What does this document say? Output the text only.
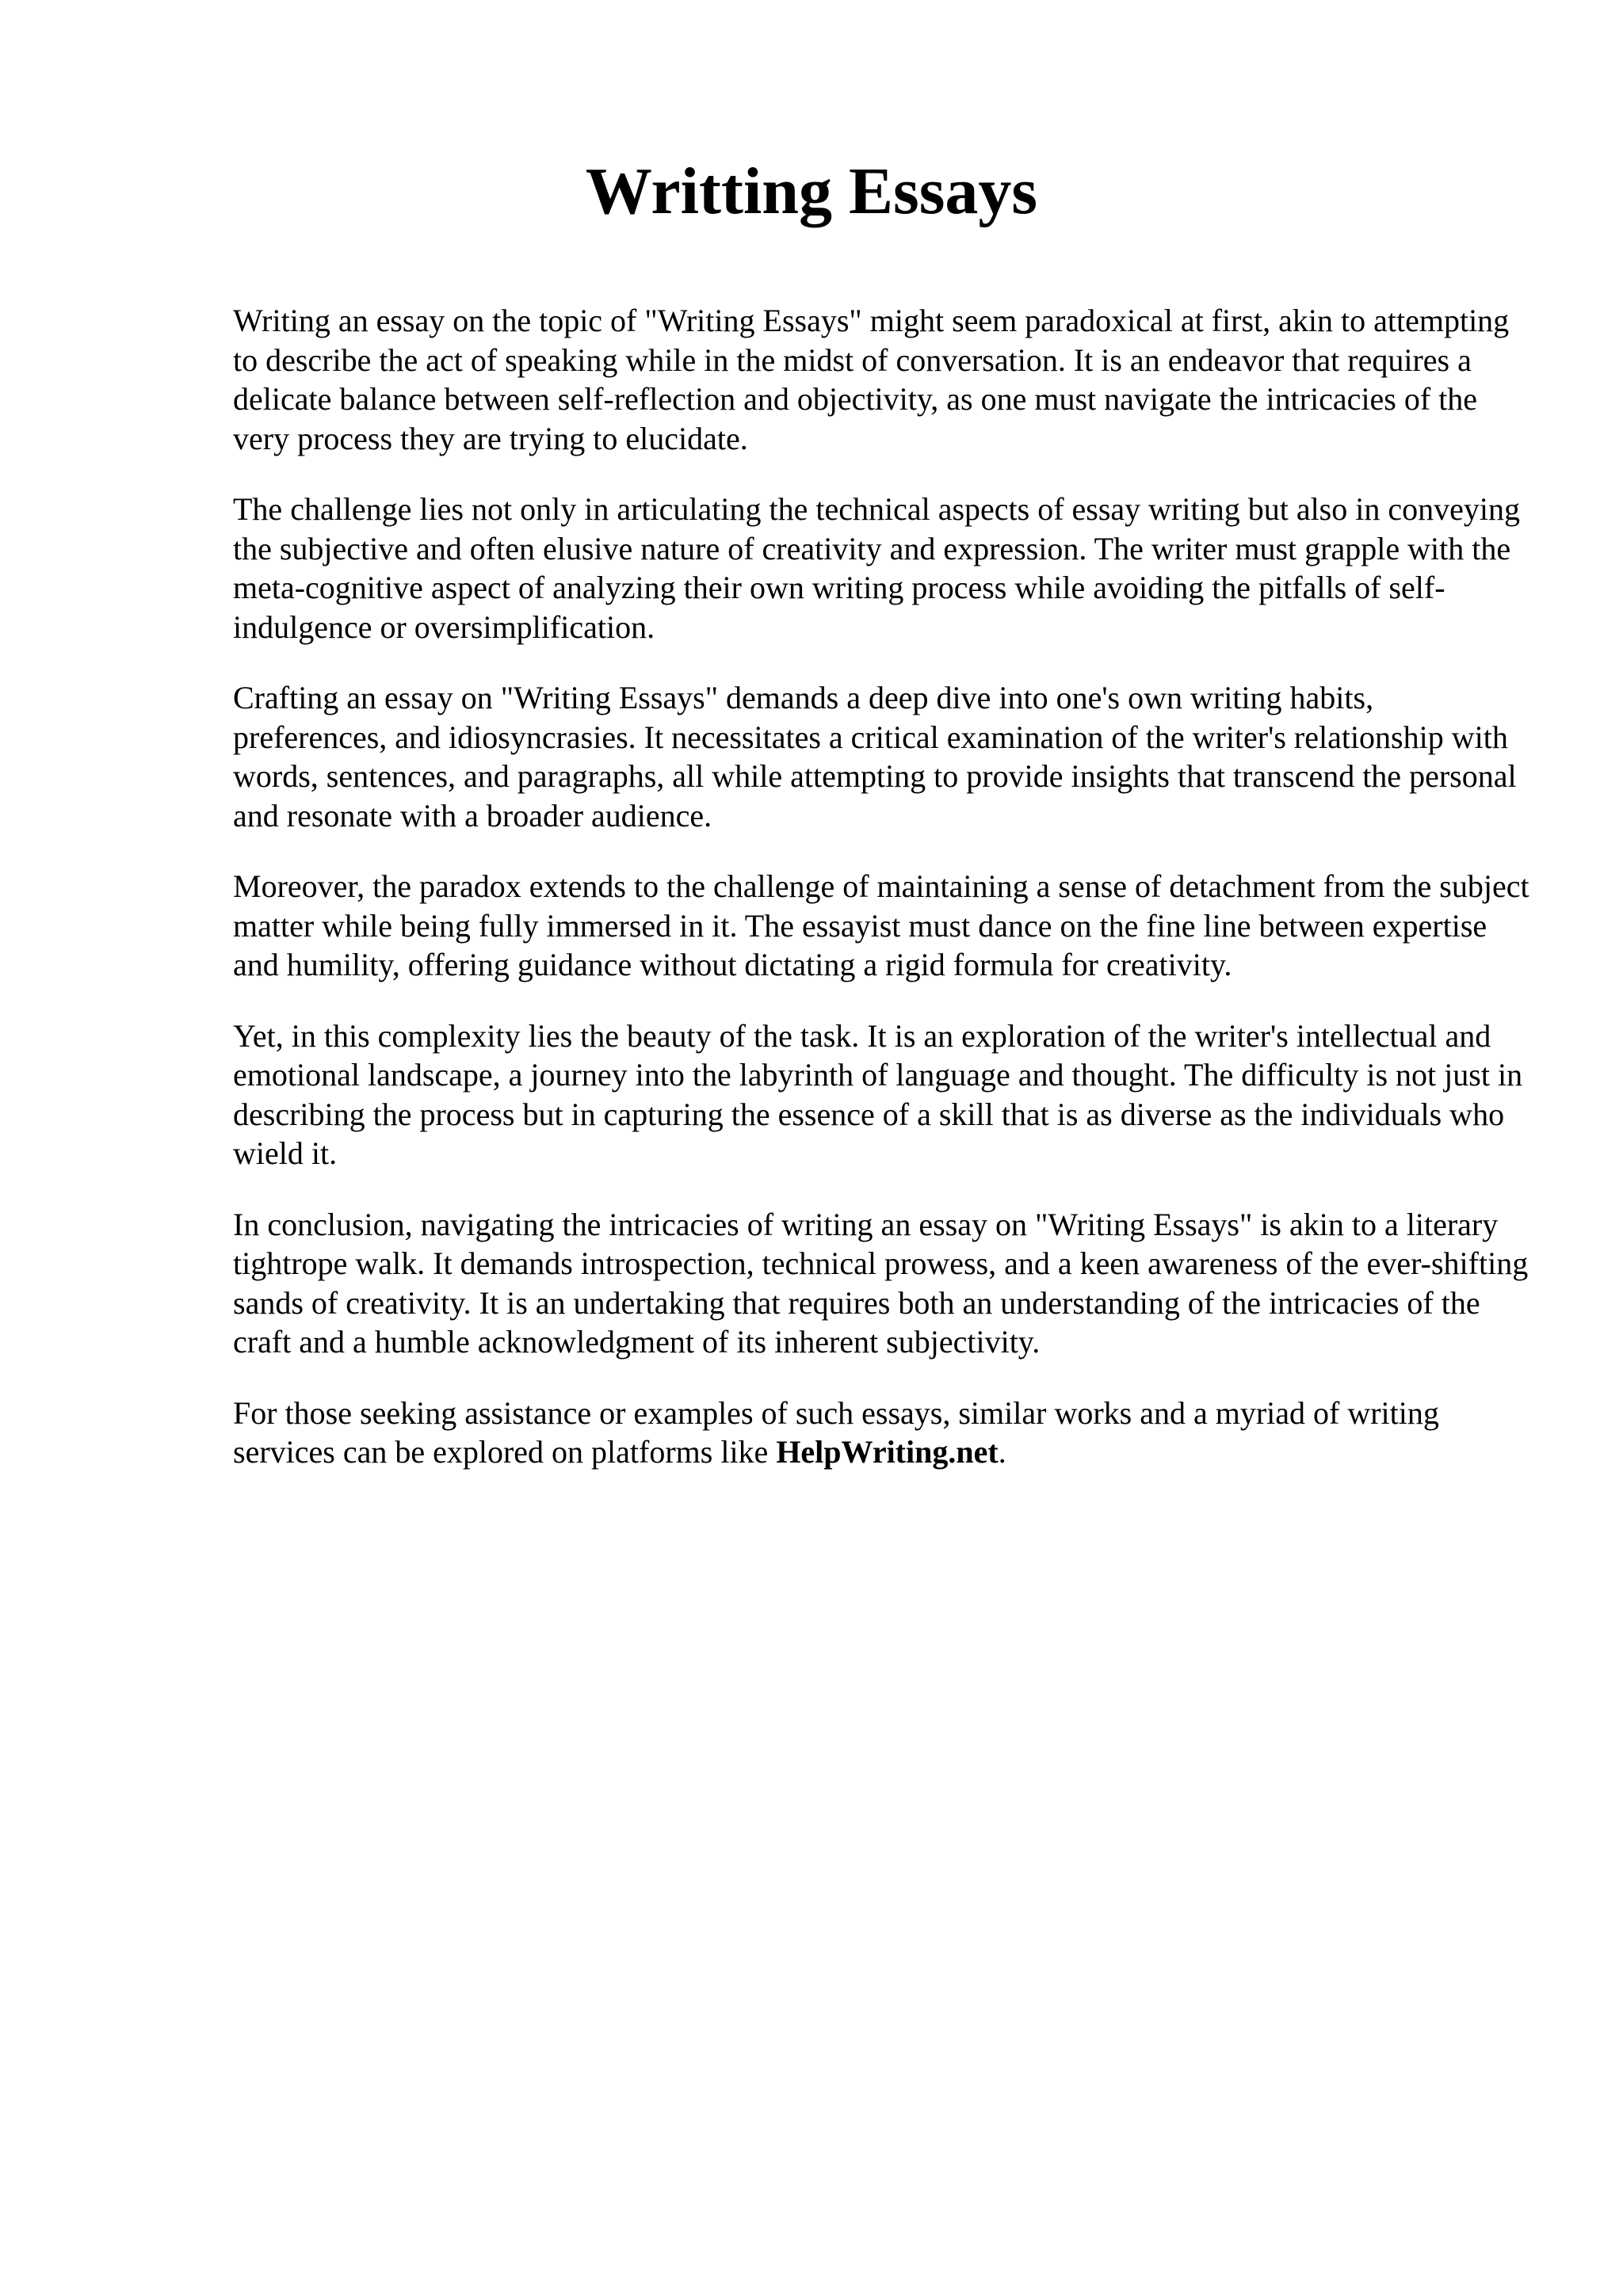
Writting Essays

Writing an essay on the topic of "Writing Essays" might seem paradoxical at first, akin to attempting to describe the act of speaking while in the midst of conversation. It is an endeavor that requires a delicate balance between self-reflection and objectivity, as one must navigate the intricacies of the very process they are trying to elucidate.

The challenge lies not only in articulating the technical aspects of essay writing but also in conveying the subjective and often elusive nature of creativity and expression. The writer must grapple with the meta-cognitive aspect of analyzing their own writing process while avoiding the pitfalls of self-indulgence or oversimplification.

Crafting an essay on "Writing Essays" demands a deep dive into one's own writing habits, preferences, and idiosyncrasies. It necessitates a critical examination of the writer's relationship with words, sentences, and paragraphs, all while attempting to provide insights that transcend the personal and resonate with a broader audience.

Moreover, the paradox extends to the challenge of maintaining a sense of detachment from the subject matter while being fully immersed in it. The essayist must dance on the fine line between expertise and humility, offering guidance without dictating a rigid formula for creativity.

Yet, in this complexity lies the beauty of the task. It is an exploration of the writer's intellectual and emotional landscape, a journey into the labyrinth of language and thought. The difficulty is not just in describing the process but in capturing the essence of a skill that is as diverse as the individuals who wield it.

In conclusion, navigating the intricacies of writing an essay on "Writing Essays" is akin to a literary tightrope walk. It demands introspection, technical prowess, and a keen awareness of the ever-shifting sands of creativity. It is an undertaking that requires both an understanding of the intricacies of the craft and a humble acknowledgment of its inherent subjectivity.

For those seeking assistance or examples of such essays, similar works and a myriad of writing services can be explored on platforms like HelpWriting.net.
